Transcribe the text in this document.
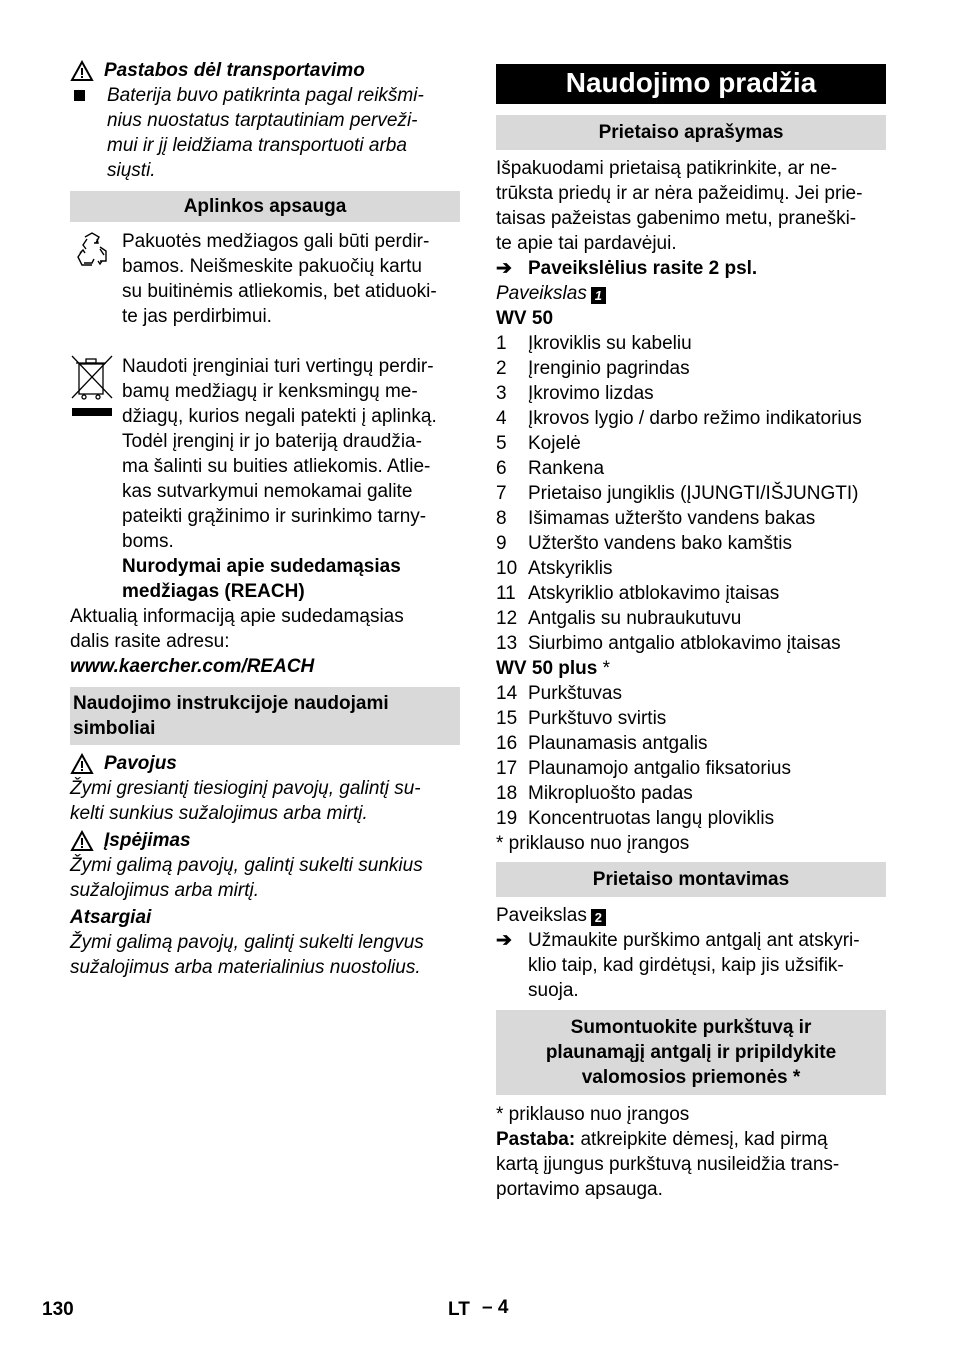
Pastabos dėl transportavimo

Baterija buvo patikrinta pagal reikšmi-

nius nuostatus tarptautiniam perveži-

mui ir jį leidžiama transportuoti arba

siųsti.

Aplinkos apsauga

Pakuotės medžiagos gali būti perdir-

bamos. Neišmeskite pakuočių kartu

su buitinėmis atliekomis, bet atiduoki-

te jas perdirbimui.

Naudoti įrenginiai turi vertingų perdir-

bamų medžiagų ir kenksmingų me-

džiagų, kurios negali patekti į aplinką.

Todėl įrenginį ir jo bateriją draudžia-

ma šalinti su buities atliekomis. Atlie-

kas sutvarkymui nemokamai galite

pateikti grąžinimo ir surinkimo tarny-

boms.

Nurodymai apie sudedamąsias

medžiagas (REACH)

Aktualią informaciją apie sudedamąsias

dalis rasite adresu:

www.kaercher.com/REACH

Naudojimo instrukcijoje naudojami

simboliai

Pavojus

Žymi gresiantį tiesioginį pavojų, galintį su-

kelti sunkius sužalojimus arba mirtį.

Įspėjimas

Žymi galimą pavojų, galintį sukelti sunkius

sužalojimus arba mirtį.

Atsargiai

Žymi galimą pavojų, galintį sukelti lengvus

sužalojimus arba materialinius nuostolius.

Naudojimo pradžia
Prietaiso aprašymas

Išpakuodami prietaisą patikrinkite, ar ne-

trūksta priedų ir ar nėra pažeidimų. Jei prie-

taisas pažeistas gabenimo metu, praneški-

te apie tai pardavėjui.

➔ Paveikslėlius rasite 2 psl.

Paveikslas 1

WV 50

1	Įkroviklis su kabeliu
2	Įrenginio pagrindas
3	Įkrovimo lizdas
4	Įkrovos lygio / darbo režimo indikatorius
5	Kojelė
6	Rankena
7	Prietaiso jungiklis (ĮJUNGTI/IŠJUNGTI)
8	Išimamas užteršto vandens bakas
9	Užteršto vandens bako kamštis
10 Atskyriklis
11 Atskyriklio atblokavimo įtaisas
12 Antgalis su nubraukutuvu
13 Siurbimo antgalio atblokavimo įtaisas

WV 50 plus *

14 Purkštuvas
15 Purkštuvo svirtis
16 Plaunamasis antgalis
17 Plaunamojo antgalio fiksatorius
18 Mikropluošto padas
19 Koncentruotas langų ploviklis

* priklauso nuo įrangos

Prietaiso montavimas

Paveikslas 2

➔ Užmaukite purškimo antgalį ant atskyri-

klio taip, kad girdėtųsi, kaip jis užsifik-

suoja.

Sumontuokite purkštuvą ir

plaunamąjį antgalį ir pripildykite

valomosios priemonės *

* priklauso nuo įrangos

Pastaba: atkreipkite dėmesį, kad pirmą

kartą įjungus purkštuvą nusileidžia trans-

portavimo apsauga.

130	LT – 4
